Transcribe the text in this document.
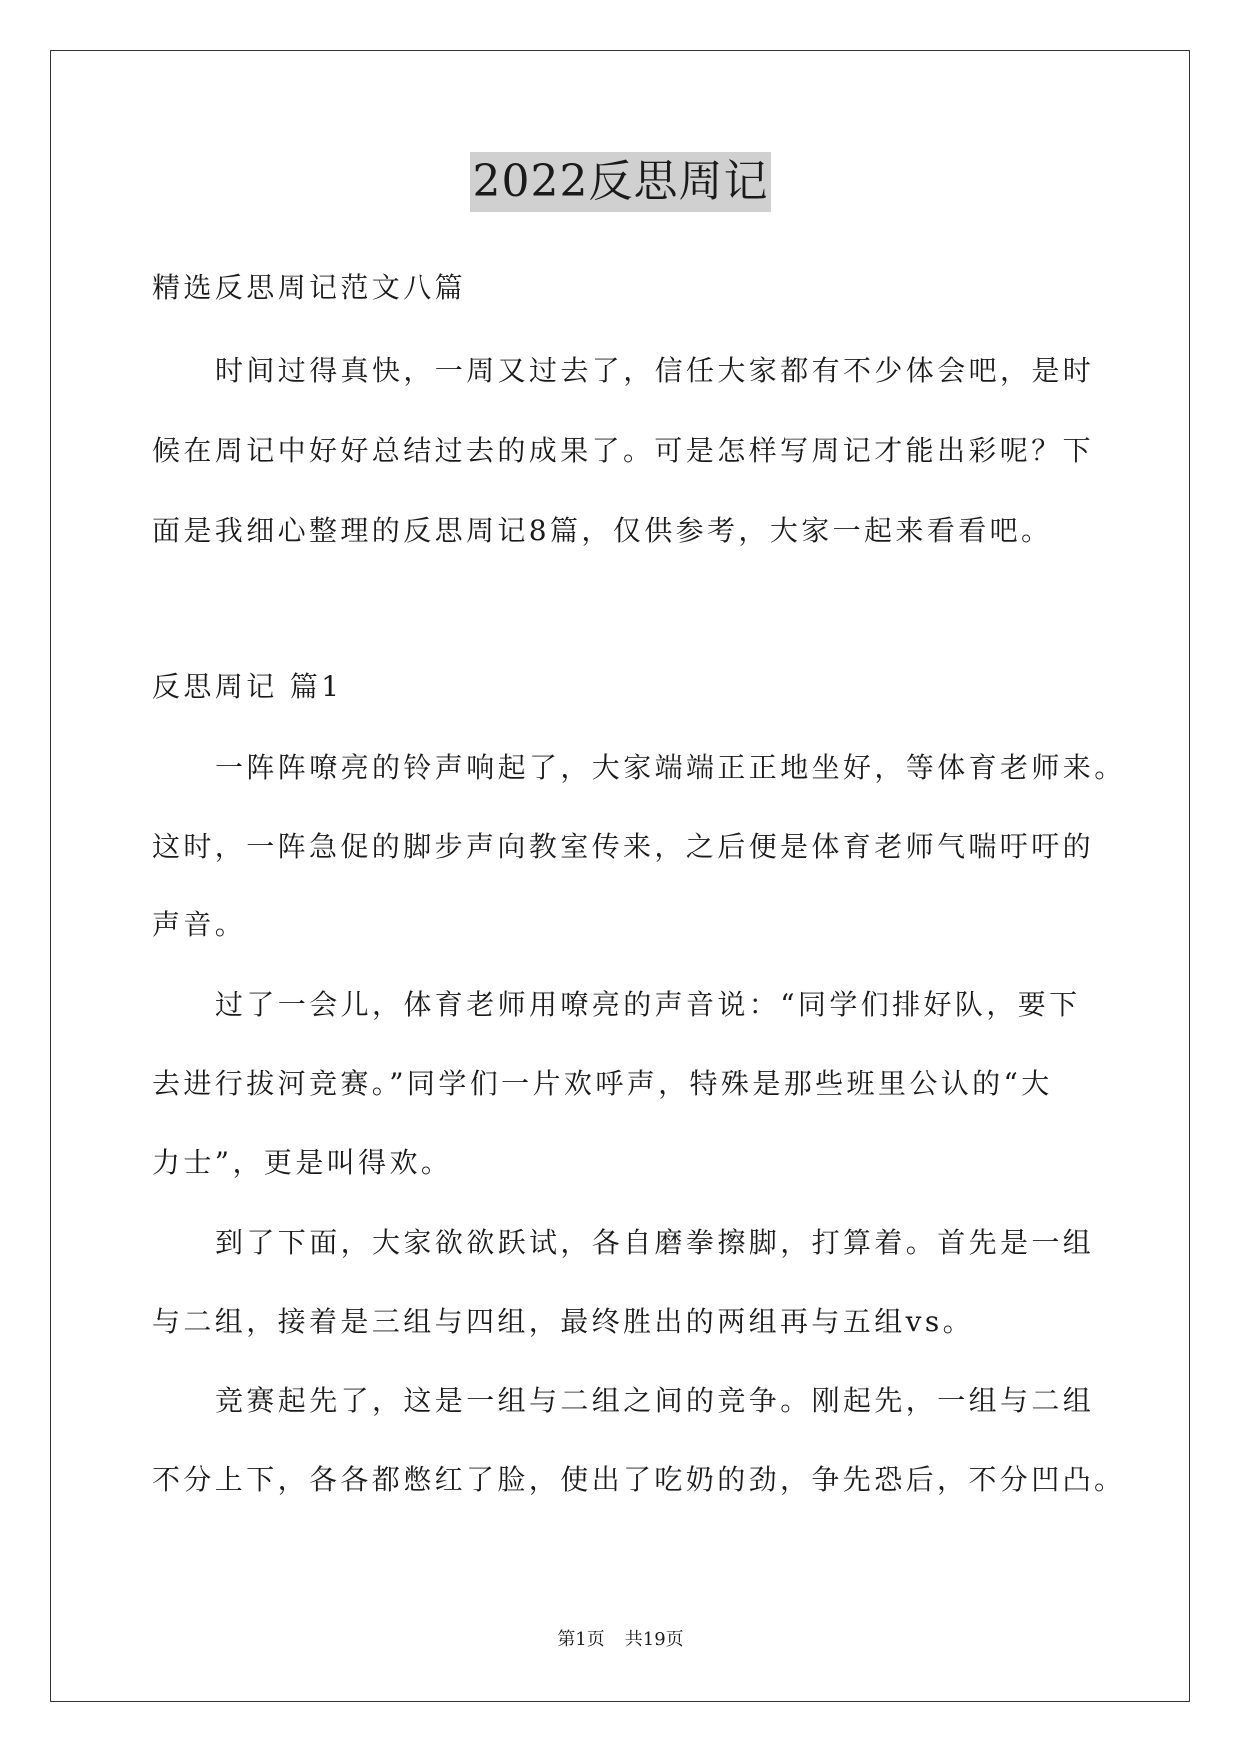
2022反思周记
精选反思周记范文八篇
时间过得真快，一周又过去了，信任大家都有不少体会吧，是时
候在周记中好好总结过去的成果了。可是怎样写周记才能出彩呢？下
面是我细心整理的反思周记8篇，仅供参考，大家一起来看看吧。
反思周记 篇1
一阵阵嘹亮的铃声响起了，大家端端正正地坐好，等体育老师来。
这时，一阵急促的脚步声向教室传来，之后便是体育老师气喘吁吁的
声音。
过了一会儿，体育老师用嘹亮的声音说：“同学们排好队，要下
去进行拔河竞赛。”同学们一片欢呼声，特殊是那些班里公认的“大
力士”，更是叫得欢。
到了下面，大家欲欲跃试，各自磨拳擦脚，打算着。首先是一组
与二组，接着是三组与四组，最终胜出的两组再与五组vs。
竞赛起先了，这是一组与二组之间的竞争。刚起先，一组与二组
不分上下，各各都憋红了脸，使出了吃奶的劲，争先恐后，不分凹凸。
第1页 共19页
